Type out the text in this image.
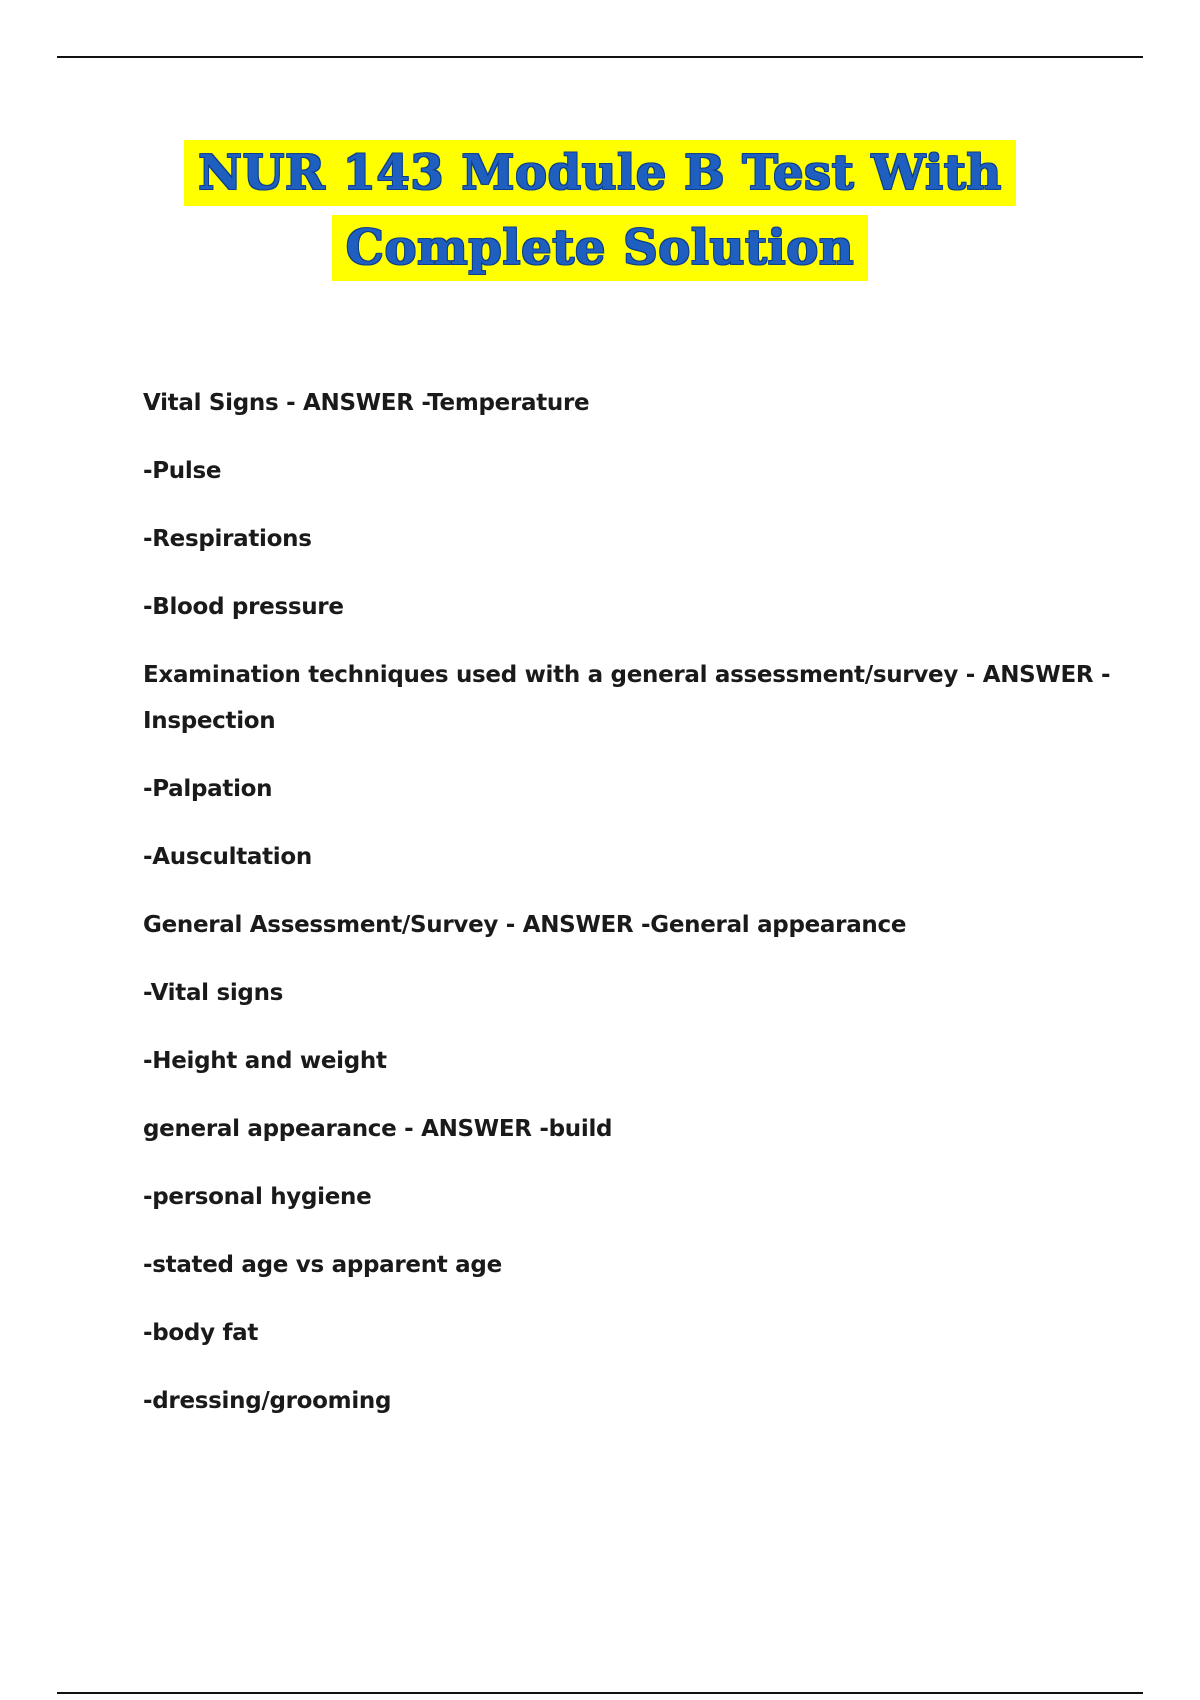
NUR 143 Module B Test With
Complete Solution

Vital Signs - ANSWER -Temperature

-Pulse

-Respirations

-Blood pressure

Examination techniques used with a general assessment/survey - ANSWER -Inspection

-Palpation

-Auscultation

General Assessment/Survey - ANSWER -General appearance

-Vital signs

-Height and weight

general appearance - ANSWER -build

-personal hygiene

-stated age vs apparent age

-body fat

-dressing/grooming
